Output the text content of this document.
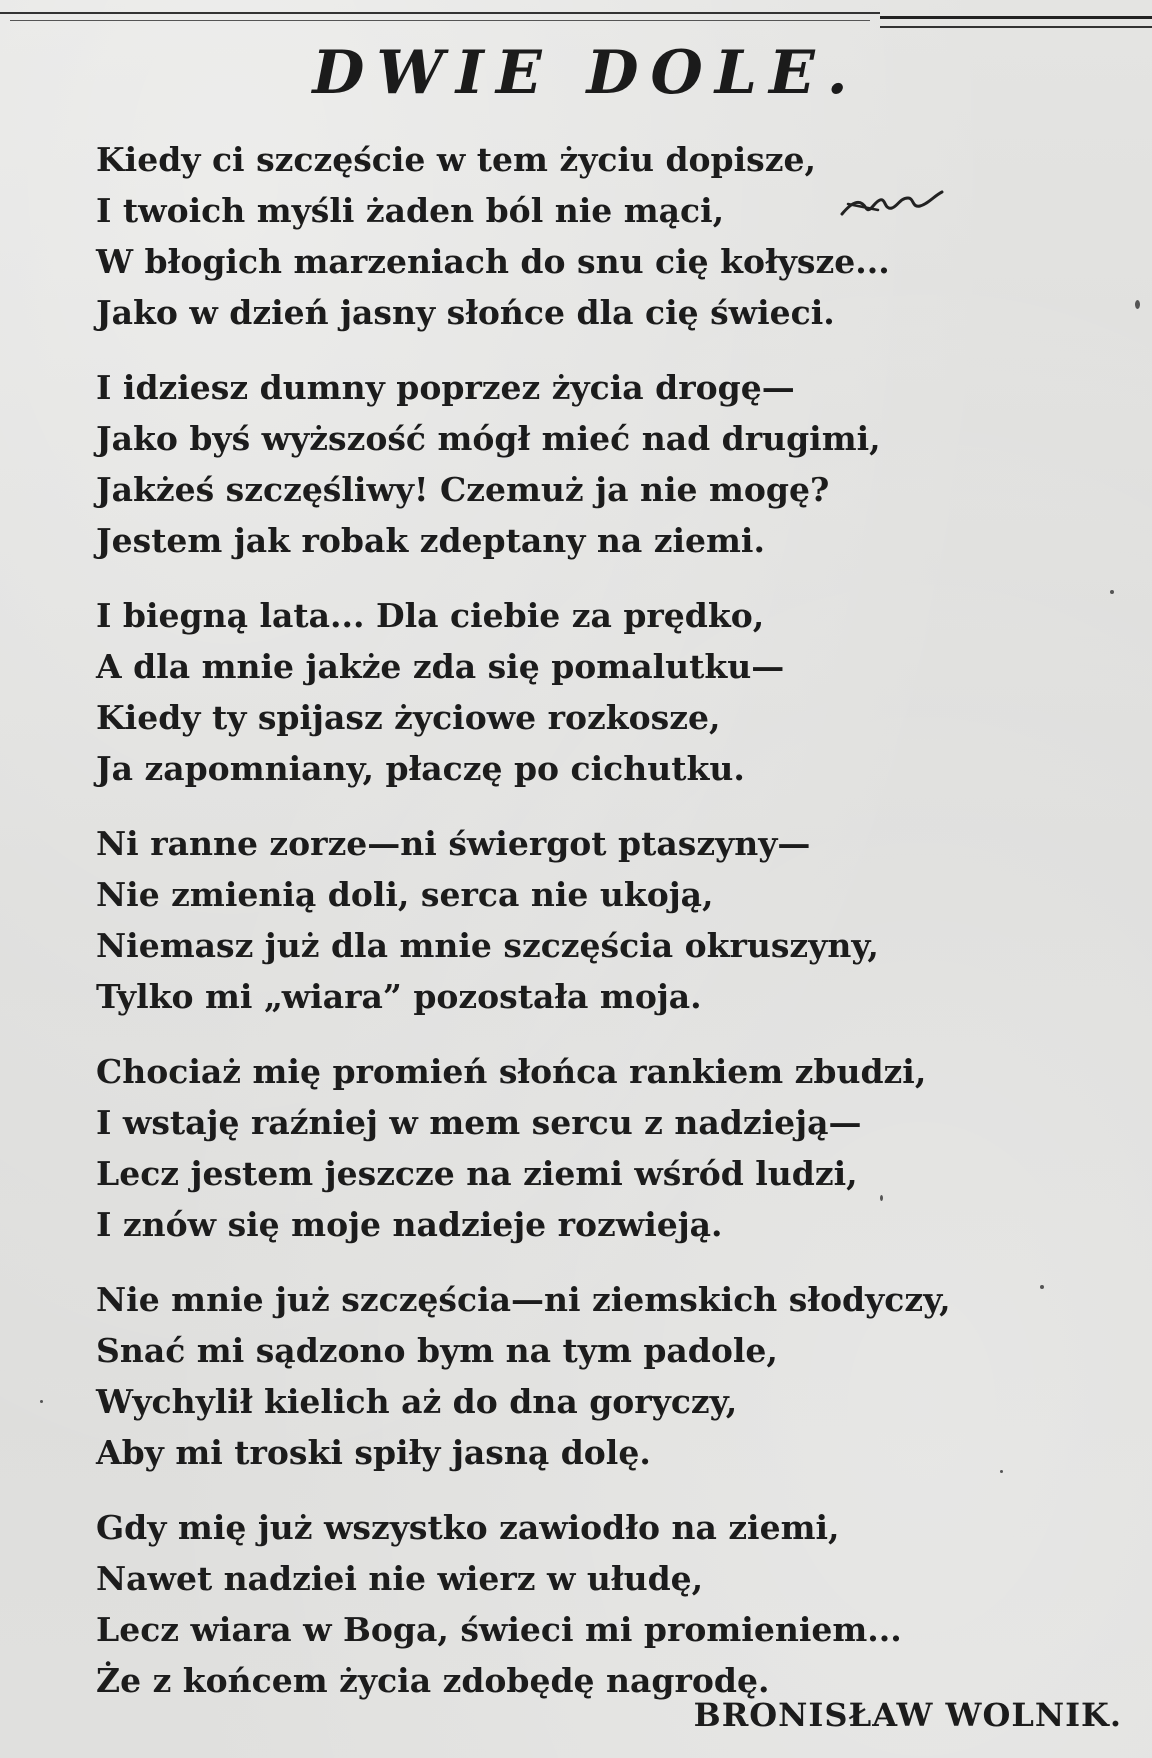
DWIE DOLE.
Kiedy ci szczęście w tem życiu dopisze,
I twoich myśli żaden ból nie mąci,
W błogich marzeniach do snu cię kołysze...
Jako w dzień jasny słońce dla cię świeci.
I idziesz dumny poprzez życia drogę—
Jako byś wyższość mógł mieć nad drugimi,
Jakżeś szczęśliwy! Czemuż ja nie mogę?
Jestem jak robak zdeptany na ziemi.
I biegną lata... Dla ciebie za prędko,
A dla mnie jakże zda się pomalutku—
Kiedy ty spijasz życiowe rozkosze,
Ja zapomniany, płaczę po cichutku.
Ni ranne zorze—ni świergot ptaszyny—
Nie zmienią doli, serca nie ukoją,
Niemasz już dla mnie szczęścia okruszyny,
Tylko mi „wiara” pozostała moja.
Chociaż mię promień słońca rankiem zbudzi,
I wstaję raźniej w mem sercu z nadzieją—
Lecz jestem jeszcze na ziemi wśród ludzi,
I znów się moje nadzieje rozwieją.
Nie mnie już szczęścia—ni ziemskich słodyczy,
Snać mi sądzono bym na tym padole,
Wychylił kielich aż do dna goryczy,
Aby mi troski spiły jasną dolę.
Gdy mię już wszystko zawiodło na ziemi,
Nawet nadziei nie wierz w ułudę,
Lecz wiara w Boga, świeci mi promieniem...
Że z końcem życia zdobędę nagrodę.
BRONISŁAW WOLNIK.
